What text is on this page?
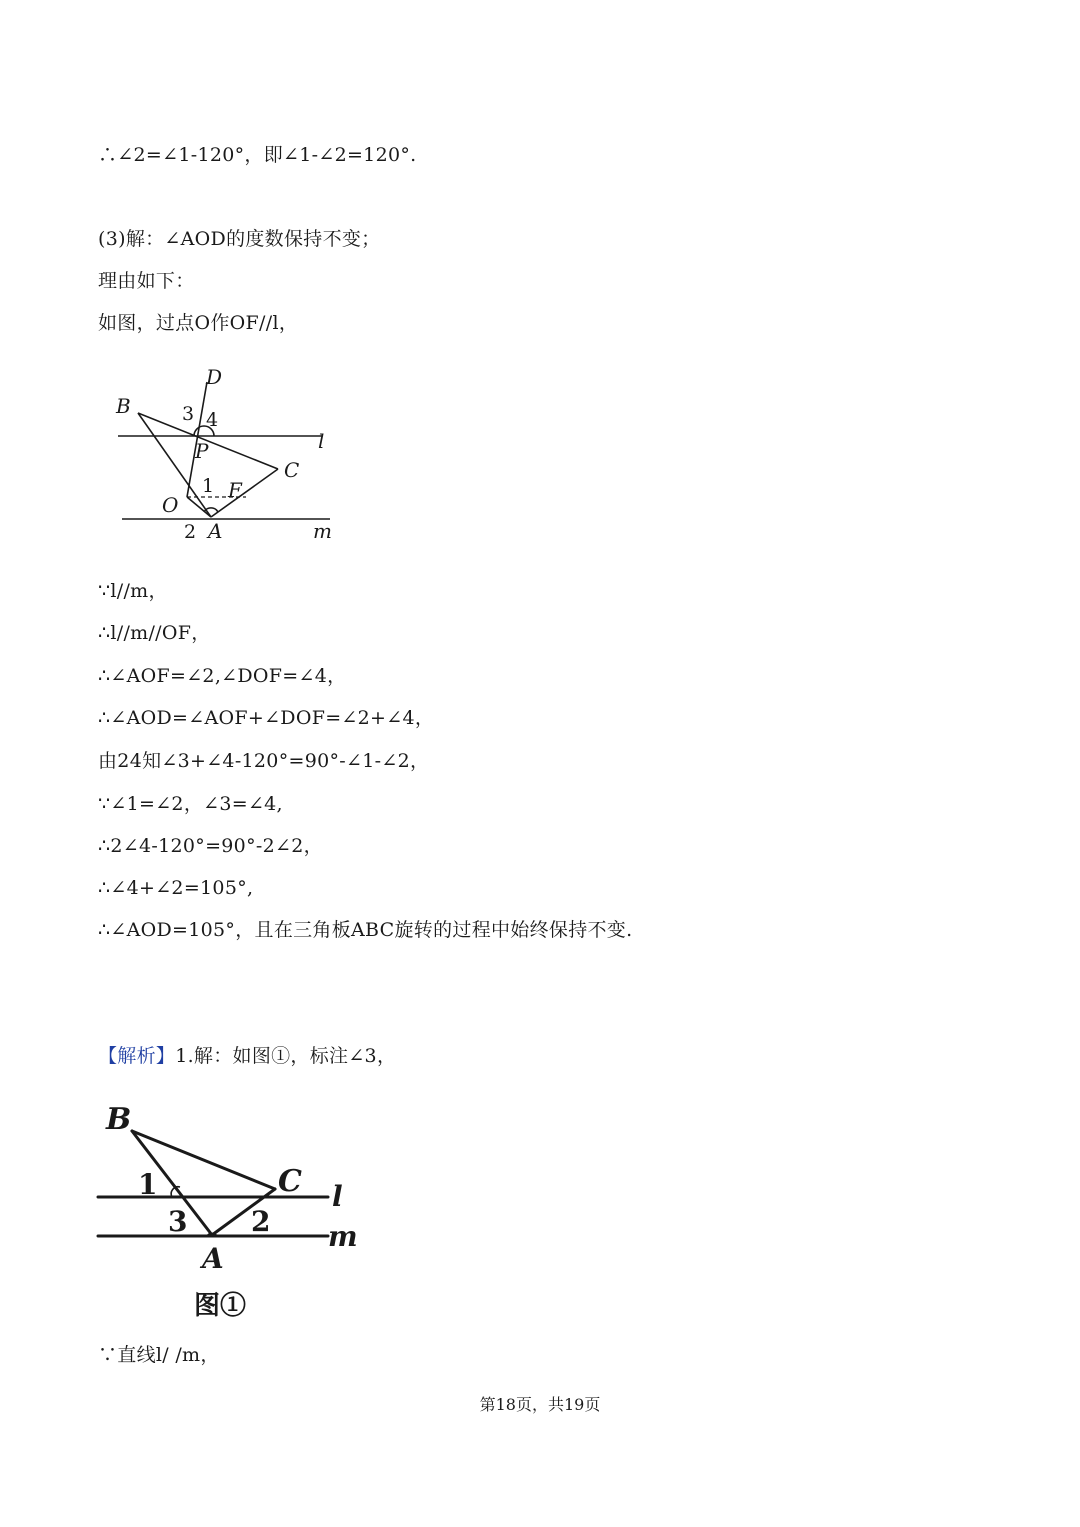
∴∠2=∠1-120°，即∠1-∠2=120°.
(3)解：∠AOD的度数保持不变；
理由如下：
如图，过点O作OF//l，
D
B
l
P
C
F
O
A	m
3 4
1
2
∵l//m，
∴l//m//OF，
∴∠AOF=∠2,∠DOF=∠4，
∴∠AOD=∠AOF+∠DOF=∠2+∠4，
由24知∠3+∠4-120°=90°-∠1-∠2，
∵∠1=∠2，∠3=∠4,
∴2∠4-120°=90°-2∠2，
∴∠4+∠2=105°,
∴∠AOD=105°，且在三角板ABC旋转的过程中始终保持不变.
【解析】1.解：如图①，标注∠3，
B
C l
m
A
1
3 2
图①
∵直线l/ /m，
第18页，共19页
